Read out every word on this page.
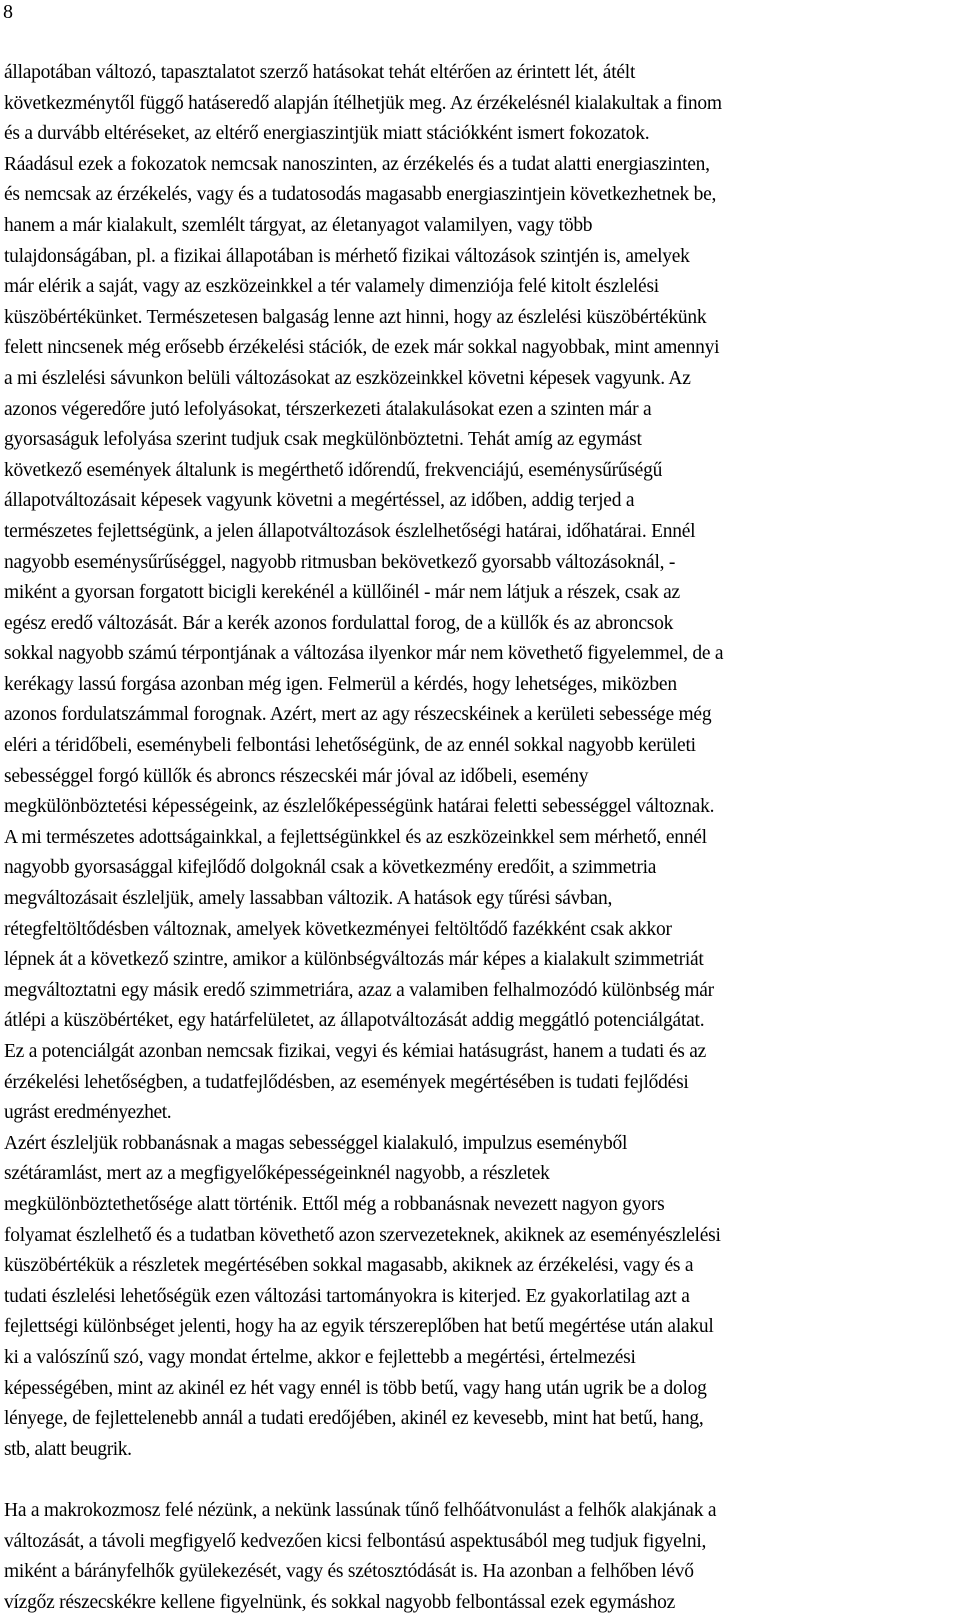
8
állapotában változó, tapasztalatot szerző hatásokat tehát eltérően az érintett lét, átélt
következménytől függő hatáseredő alapján ítélhetjük meg. Az érzékelésnél kialakultak a finom
és a durvább eltéréseket, az eltérő energiaszintjük miatt stációkként ismert fokozatok.
Ráadásul ezek a fokozatok nemcsak nanoszinten, az érzékelés és a tudat alatti energiaszinten,
és nemcsak az érzékelés, vagy és a tudatosodás magasabb energiaszintjein következhetnek be,
hanem a már kialakult, szemlélt tárgyat, az életanyagot valamilyen, vagy több
tulajdonságában, pl. a fizikai állapotában is mérhető fizikai változások szintjén is, amelyek
már elérik a saját, vagy az eszközeinkkel a tér valamely dimenziója felé kitolt észlelési
küszöbértékünket. Természetesen balgaság lenne azt hinni, hogy az észlelési küszöbértékünk
felett nincsenek még erősebb érzékelési stációk, de ezek már sokkal nagyobbak, mint amennyi
a mi észlelési sávunkon belüli változásokat az eszközeinkkel követni képesek vagyunk. Az
azonos végeredőre jutó lefolyásokat, térszerkezeti átalakulásokat ezen a szinten már a
gyorsaságuk lefolyása szerint tudjuk csak megkülönböztetni. Tehát amíg az egymást
következő események általunk is megérthető időrendű, frekvenciájú, eseménysűrűségű
állapotváltozásait képesek vagyunk követni a megértéssel, az időben, addig terjed a
természetes fejlettségünk, a jelen állapotváltozások észlelhetőségi határai, időhatárai. Ennél
nagyobb eseménysűrűséggel, nagyobb ritmusban bekövetkező gyorsabb változásoknál, -
miként a gyorsan forgatott bicigli kerekénél a küllőinél - már nem látjuk a részek, csak az
egész eredő változását. Bár a kerék azonos fordulattal forog, de a küllők és az abroncsok
sokkal nagyobb számú térpontjának a változása ilyenkor már nem követhető figyelemmel, de a
kerékagy lassú forgása azonban még igen. Felmerül a kérdés, hogy lehetséges, miközben
azonos fordulatszámmal forognak. Azért, mert az agy részecskéinek a kerületi sebessége még
eléri a téridőbeli, eseménybeli felbontási lehetőségünk, de az ennél sokkal nagyobb kerületi
sebességgel forgó küllők és abroncs részecskéi már jóval az időbeli, esemény
megkülönböztetési képességeink, az észlelőképességünk határai feletti sebességgel változnak.
A mi természetes adottságainkkal, a fejlettségünkkel és az eszközeinkkel sem mérhető, ennél
nagyobb gyorsasággal kifejlődő dolgoknál csak a következmény eredőit, a szimmetria
megváltozásait észleljük, amely lassabban változik. A hatások egy tűrési sávban,
rétegfeltöltődésben változnak, amelyek következményei feltöltődő fazékként csak akkor
lépnek át a következő szintre, amikor a különbségváltozás már képes a kialakult szimmetriát
megváltoztatni egy másik eredő szimmetriára, azaz a valamiben felhalmozódó különbség már
átlépi a küszöbértéket, egy határfelületet, az állapotváltozását addig meggátló potenciálgátat.
Ez a potenciálgát azonban nemcsak fizikai, vegyi és kémiai hatásugrást, hanem a tudati és az
érzékelési lehetőségben, a tudatfejlődésben, az események megértésében is tudati fejlődési
ugrást eredményezhet.
Azért észleljük robbanásnak a magas sebességgel kialakuló, impulzus eseményből
szétáramlást, mert az a megfigyelőképességeinknél nagyobb, a részletek
megkülönböztethetősége alatt történik. Ettől még a robbanásnak nevezett nagyon gyors
folyamat észlelhető és a tudatban követhető azon szervezeteknek, akiknek az eseményészlelési
küszöbértékük a részletek megértésében sokkal magasabb, akiknek az érzékelési, vagy és a
tudati észlelési lehetőségük ezen változási tartományokra is kiterjed. Ez gyakorlatilag azt a
fejlettségi különbséget jelenti, hogy ha az egyik térszereplőben hat betű megértése után alakul
ki a valószínű szó, vagy mondat értelme, akkor e fejlettebb a megértési, értelmezési
képességében, mint az akinél ez hét vagy ennél is több betű, vagy hang után ugrik be a dolog
lényege, de fejlettelenebb annál a tudati eredőjében, akinél ez kevesebb, mint hat betű, hang,
stb, alatt beugrik.
Ha a makrokozmosz felé nézünk, a nekünk lassúnak tűnő felhőátvonulást a felhők alakjának a
változását, a távoli megfigyelő kedvezően kicsi felbontású aspektusából meg tudjuk figyelni,
miként a bárányfelhők gyülekezését, vagy és szétosztódását is. Ha azonban a felhőben lévő
vízgőz részecskékre kellene figyelnünk, és sokkal nagyobb felbontással ezek egymáshoz
